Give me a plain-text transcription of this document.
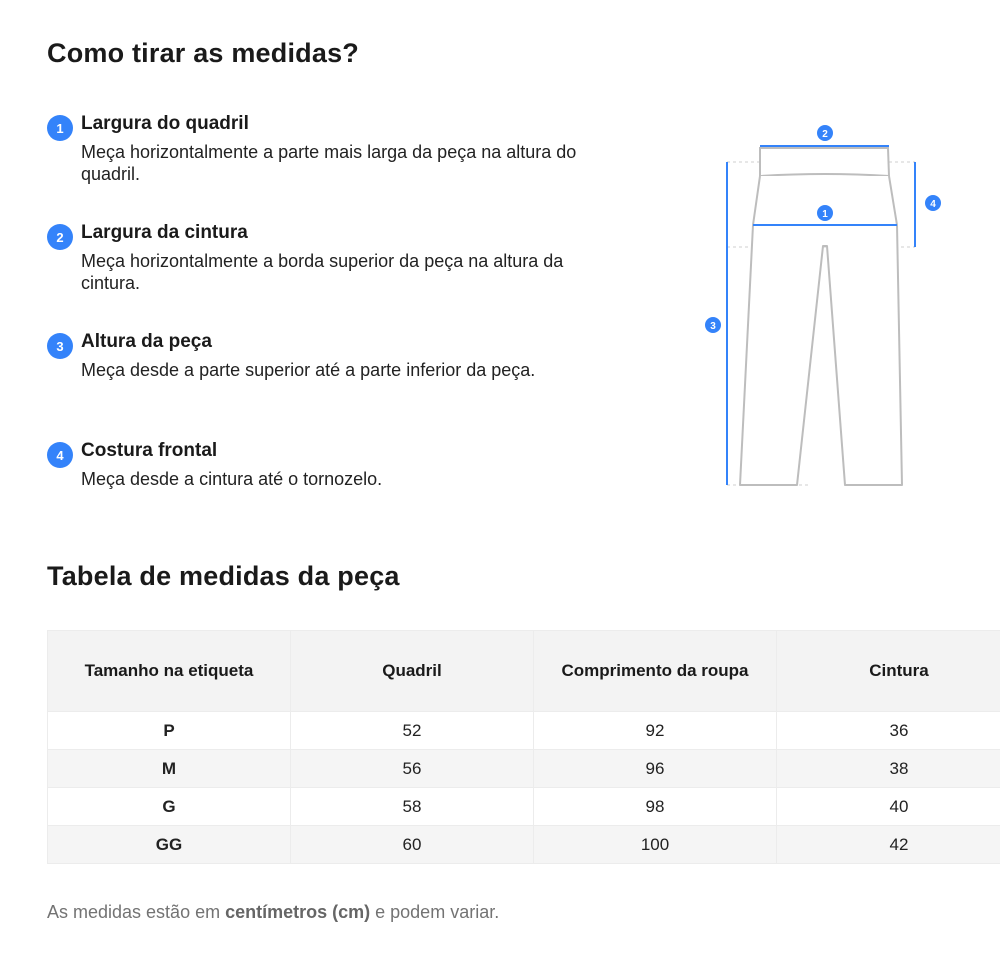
Como tirar as medidas?
1 Largura do quadril

Meça horizontalmente a parte mais larga da peça na altura do quadril.

2 Largura da cintura

Meça horizontalmente a borda superior da peça na altura da cintura.

3 Altura da peça

Meça desde a parte superior até a parte inferior da peça.

4 Costura frontal

Meça desde a cintura até o tornozelo.

1
2
3
4
Tabela de medidas da peça
Tamanho na etiqueta	Quadril	Comprimento da roupa	Cintura
P	52	92	36
M	56	96	38
G	58	98	40
GG	60	100	42

As medidas estão em centímetros (cm) e podem variar.
